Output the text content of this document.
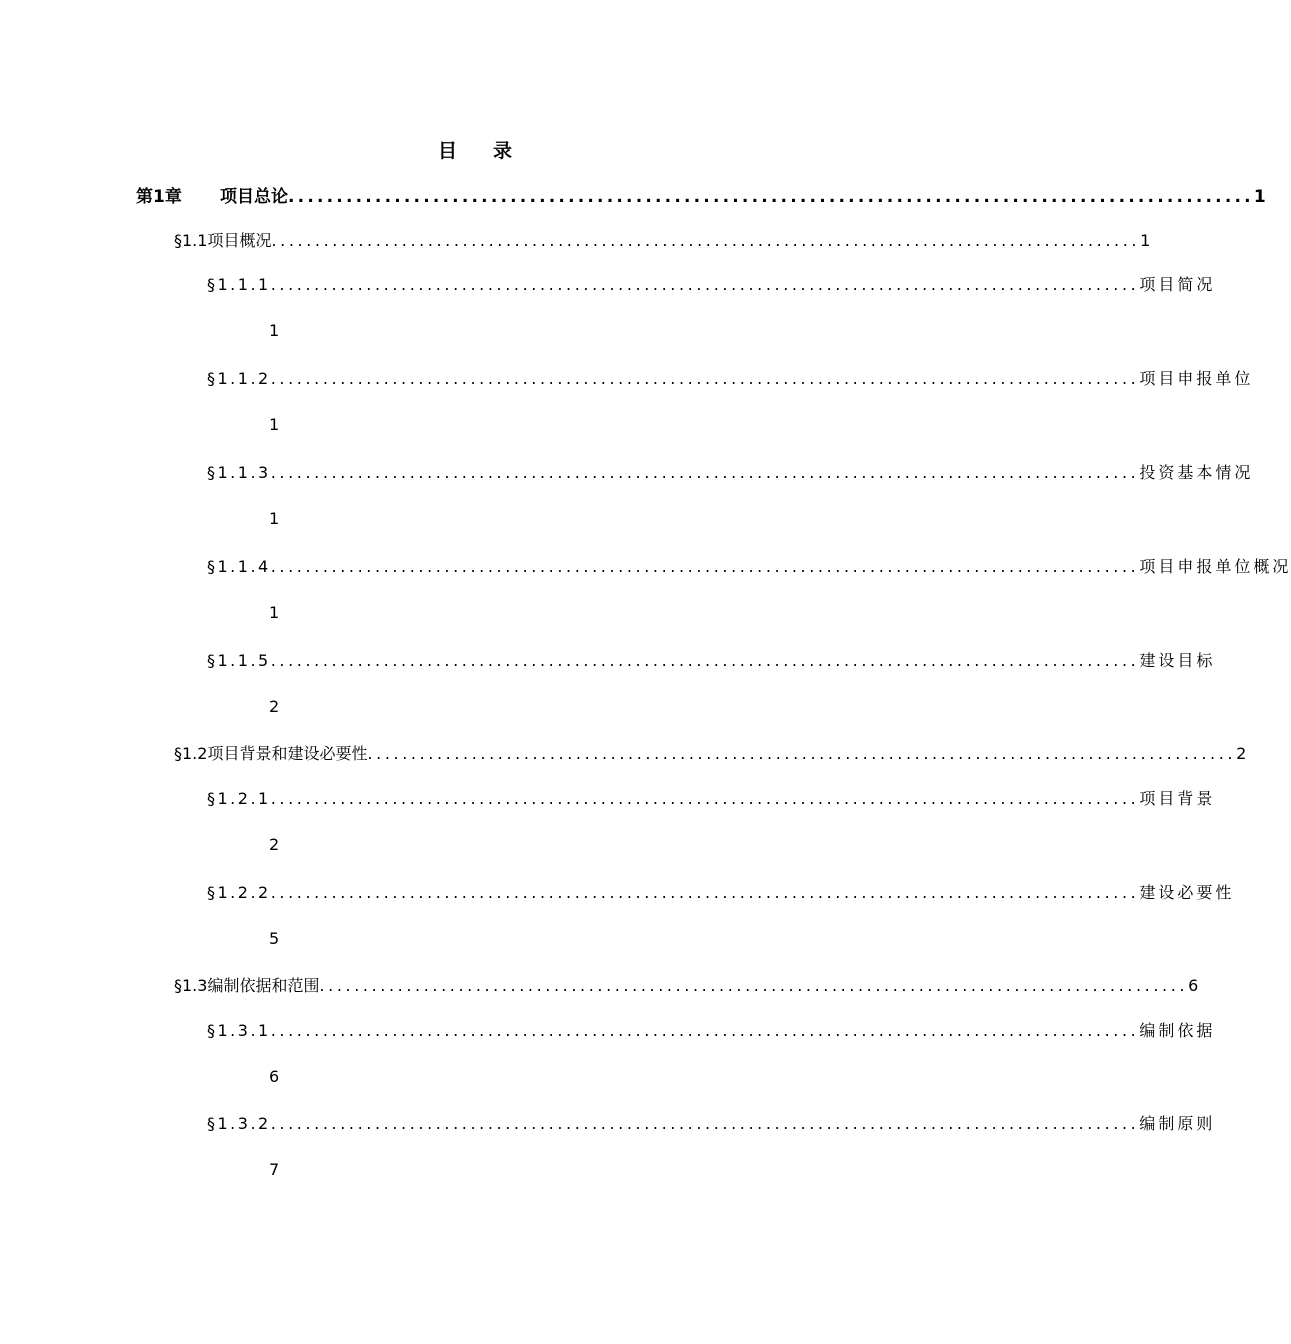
目 录
第1章	项目总论 .................................................................................................... 1
§1.1 项目概况 .................................................................................................... 1
§1.1.1 .................................................................................................... 项目简况
1
§1.1.2 .................................................................................................... 项目申报单位
1
§1.1.3 .................................................................................................... 投资基本情况
1
§1.1.4 .................................................................................................... 项目申报单位概况
1
§1.1.5 .................................................................................................... 建设目标
2
§1.2 项目背景和建设必要性 .................................................................................................... 2
§1.2.1 .................................................................................................... 项目背景
2
§1.2.2 .................................................................................................... 建设必要性
5
§1.3 编制依据和范围 .................................................................................................... 6
§1.3.1 .................................................................................................... 编制依据
6
§1.3.2 .................................................................................................... 编制原则
7
